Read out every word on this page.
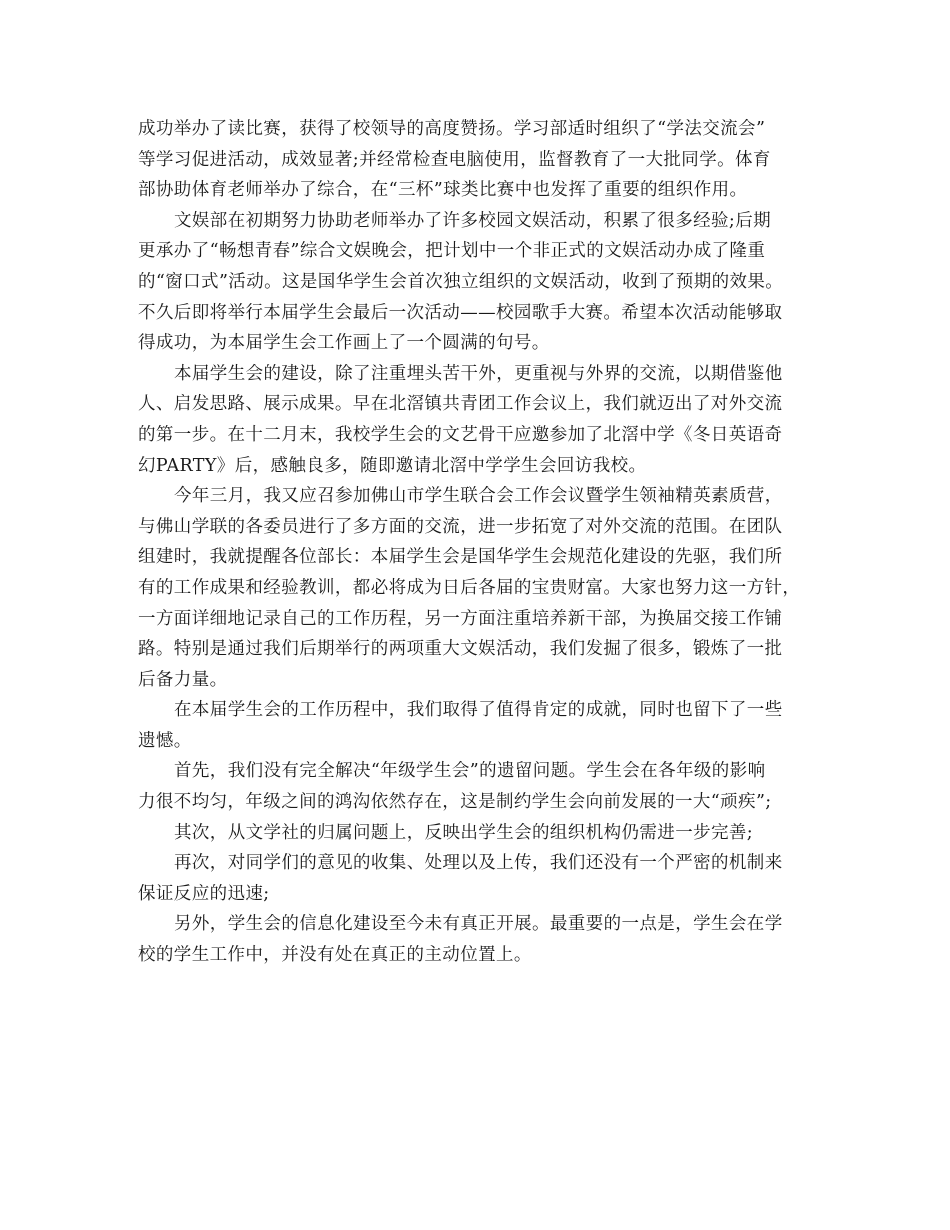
成功举办了读比赛，获得了校领导的高度赞扬。学习部适时组织了“学法交流会”
等学习促进活动，成效显著;并经常检查电脑使用，监督教育了一大批同学。体育
部协助体育老师举办了综合，在“三杯”球类比赛中也发挥了重要的组织作用。

文娱部在初期努力协助老师举办了许多校园文娱活动，积累了很多经验;后期
更承办了“畅想青春”综合文娱晚会，把计划中一个非正式的文娱活动办成了隆重
的“窗口式”活动。这是国华学生会首次独立组织的文娱活动，收到了预期的效果。
不久后即将举行本届学生会最后一次活动——校园歌手大赛。希望本次活动能够取
得成功，为本届学生会工作画上了一个圆满的句号。

本届学生会的建设，除了注重埋头苦干外，更重视与外界的交流，以期借鉴他
人、启发思路、展示成果。早在北滘镇共青团工作会议上，我们就迈出了对外交流
的第一步。在十二月末，我校学生会的文艺骨干应邀参加了北滘中学《冬日英语奇
幻PARTY》后，感触良多，随即邀请北滘中学学生会回访我校。

今年三月，我又应召参加佛山市学生联合会工作会议暨学生领袖精英素质营，
与佛山学联的各委员进行了多方面的交流，进一步拓宽了对外交流的范围。在团队
组建时，我就提醒各位部长：本届学生会是国华学生会规范化建设的先驱，我们所
有的工作成果和经验教训，都必将成为日后各届的宝贵财富。大家也努力这一方针，
一方面详细地记录自己的工作历程，另一方面注重培养新干部，为换届交接工作铺
路。特别是通过我们后期举行的两项重大文娱活动，我们发掘了很多，锻炼了一批
后备力量。

在本届学生会的工作历程中，我们取得了值得肯定的成就，同时也留下了一些
遗憾。

首先，我们没有完全解决“年级学生会”的遗留问题。学生会在各年级的影响
力很不均匀，年级之间的鸿沟依然存在，这是制约学生会向前发展的一大“顽疾”;

其次，从文学社的归属问题上，反映出学生会的组织机构仍需进一步完善;

再次，对同学们的意见的收集、处理以及上传，我们还没有一个严密的机制来
保证反应的迅速;

另外，学生会的信息化建设至今未有真正开展。最重要的一点是，学生会在学
校的学生工作中，并没有处在真正的主动位置上。
